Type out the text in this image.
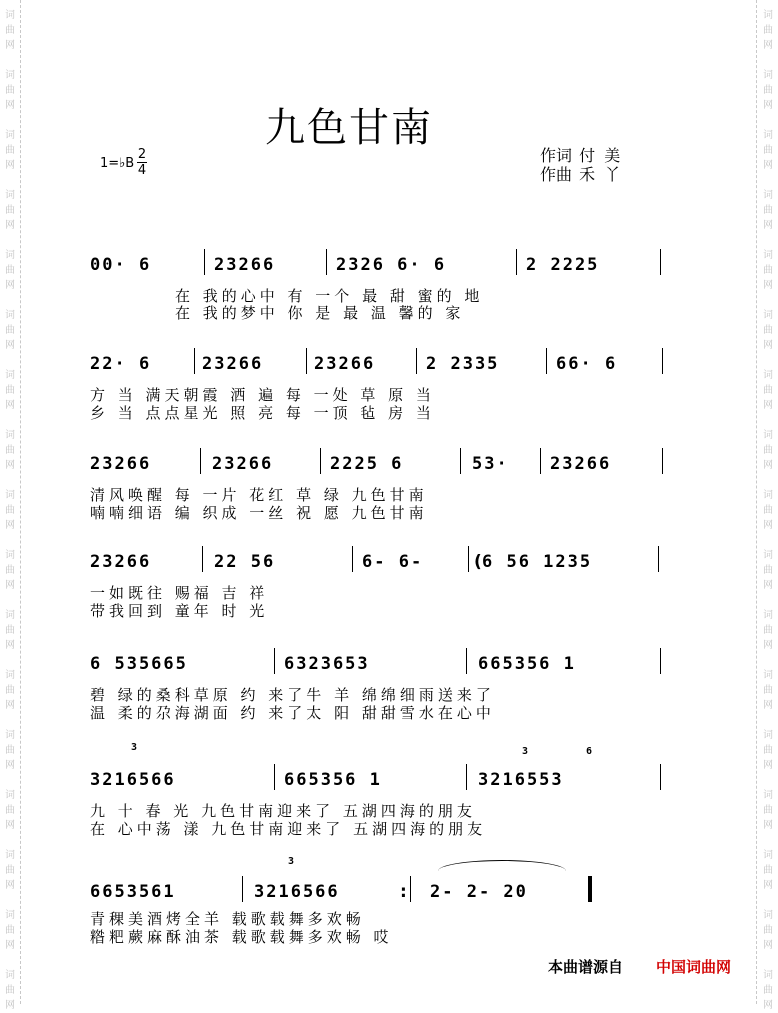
词
曲
网
词
曲
网
词
曲
网
词
曲
网
词
曲
网
词
曲
网
词
曲
网
词
曲
网
词
曲
网
词
曲
网
词
曲
网
词
曲
网
词
曲
网
词
曲
网
词
曲
网
词
曲
网
词
曲
网
词
曲
网
词
曲
网
词
曲
网
词
曲
网
词
曲
网
词
曲
网
词
曲
网
词
曲
网
词
曲
网
词
曲
网
词
曲
网
词
曲
网
词
曲
网
词
曲
网
词
曲
网
词
曲
网
词
曲
网
九色甘南
1=♭B
2
4
作词 付 美
作曲 禾 丫
00· 6	23266	2326 6· 6	2 2225
在 我的心中 有 一个 最 甜 蜜的 地
在 我的梦中 你 是 最 温 馨的 家
22· 6	23266	23266	2 2335	66· 6
方 当 满天朝霞 洒 遍 每 一处 草 原 当
乡 当 点点星光 照 亮 每 一顶 毡 房 当
23266	23266	2225 6	53· 23266
清风唤醒 每 一片 花红 草 绿 九色甘南
喃喃细语 编 织成 一丝 祝 愿 九色甘南
23266	22 56	6- 6-	( 6 56 1235
一如既往 赐福 吉 祥
带我回到 童年 时 光
6 535665	6323653	665356 1
碧 绿的桑科草原 约 来了牛 羊 绵绵细雨送来了
温 柔的尕海湖面 约 来了太 阳 甜甜雪水在心中
3	3	6
3216566	665356 1	3216553
九 十 春 光 九色甘南迎来了 五湖四海的朋友
在 心中荡 漾 九色甘南迎来了 五湖四海的朋友
3
6653561	3216566	: 2- 2- 20
青稞美酒烤全羊 载歌载舞多欢畅
糌粑蕨麻酥油茶 载歌载舞多欢畅 哎
本曲谱源自 中国词曲网
